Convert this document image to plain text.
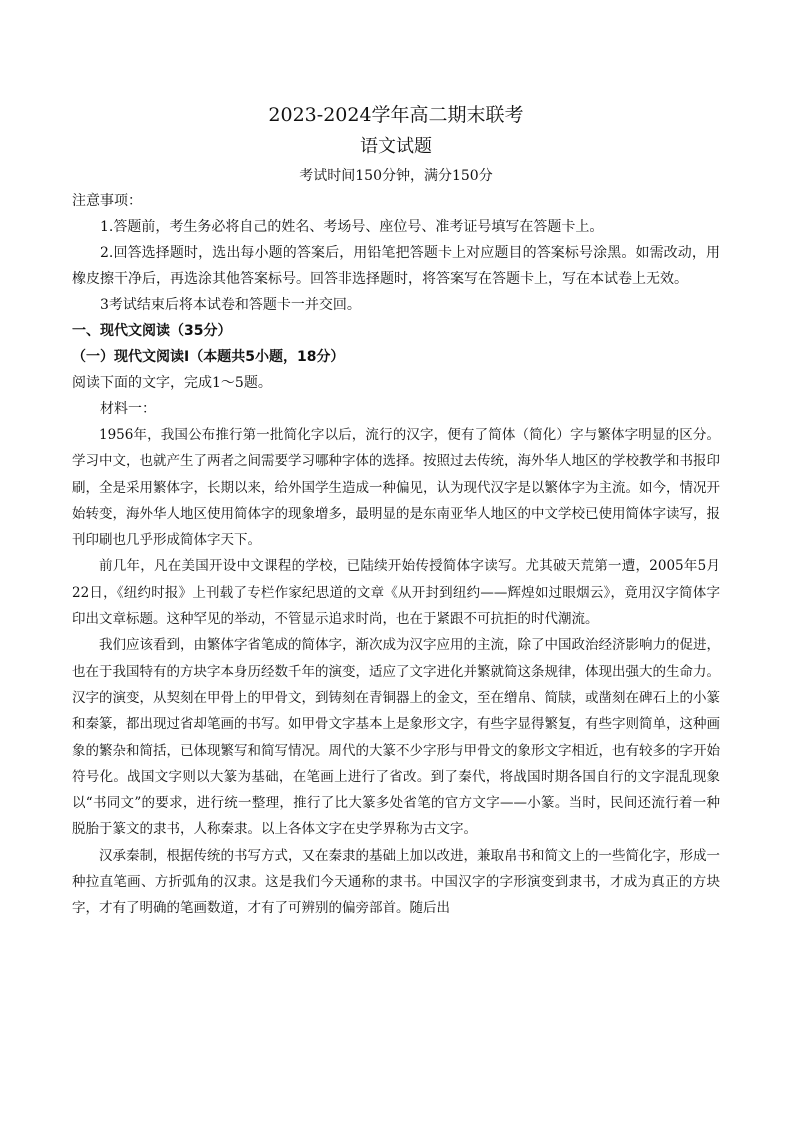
2023-2024学年高二期末联考
语文试题

考试时间150分钟，满分150分

注意事项：

1.答题前，考生务必将自己的姓名、考场号、座位号、准考证号填写在答题卡上。

2.回答选择题时，选出每小题的答案后，用铅笔把答题卡上对应题目的答案标号涂黑。如需改动，用橡皮擦干净后，再选涂其他答案标号。回答非选择题时，将答案写在答题卡上，写在本试卷上无效。

3考试结束后将本试卷和答题卡一并交回。

一、现代文阅读（35分）

（一）现代文阅读Ⅰ（本题共5小题，18分）

阅读下面的文字，完成1～5题。

材料一：

1956年，我国公布推行第一批简化字以后，流行的汉字，便有了简体（简化）字与繁体字明显的区分。学习中文，也就产生了两者之间需要学习哪种字体的选择。按照过去传统，海外华人地区的学校教学和书报印刷，全是采用繁体字，长期以来，给外国学生造成一种偏见，认为现代汉字是以繁体字为主流。如今，情况开始转变，海外华人地区使用简体字的现象增多，最明显的是东南亚华人地区的中文学校已使用简体字读写，报刊印刷也几乎形成简体字天下。

前几年，凡在美国开设中文课程的学校，已陆续开始传授简体字读写。尤其破天荒第一遭，2005年5月22日，《纽约时报》上刊载了专栏作家纪思道的文章《从开封到纽约——辉煌如过眼烟云》，竟用汉字简体字印出文章标题。这种罕见的举动，不管显示追求时尚，也在于紧跟不可抗拒的时代潮流。

我们应该看到，由繁体字省笔成的简体字，渐次成为汉字应用的主流，除了中国政治经济影响力的促进，也在于我国特有的方块字本身历经数千年的演变，适应了文字进化并繁就简这条规律，体现出强大的生命力。汉字的演变，从契刻在甲骨上的甲骨文，到铸刻在青铜器上的金文，至在缯帛、简牍，或凿刻在碑石上的小篆和秦篆，都出现过省却笔画的书写。如甲骨文字基本上是象形文字，有些字显得繁复，有些字则简单，这种画象的繁杂和简括，已体现繁写和简写情况。周代的大篆不少字形与甲骨文的象形文字相近，也有较多的字开始符号化。战国文字则以大篆为基础，在笔画上进行了省改。到了秦代，将战国时期各国自行的文字混乱现象以“书同文”的要求，进行统一整理，推行了比大篆多处省笔的官方文字——小篆。当时，民间还流行着一种脱胎于篆文的隶书，人称秦隶。以上各体文字在史学界称为古文字。

汉承秦制，根据传统的书写方式，又在秦隶的基础上加以改进，兼取帛书和简文上的一些简化字，形成一种拉直笔画、方折弧角的汉隶。这是我们今天通称的隶书。中国汉字的字形演变到隶书，才成为真正的方块字，才有了明确的笔画数道，才有了可辨别的偏旁部首。随后出
